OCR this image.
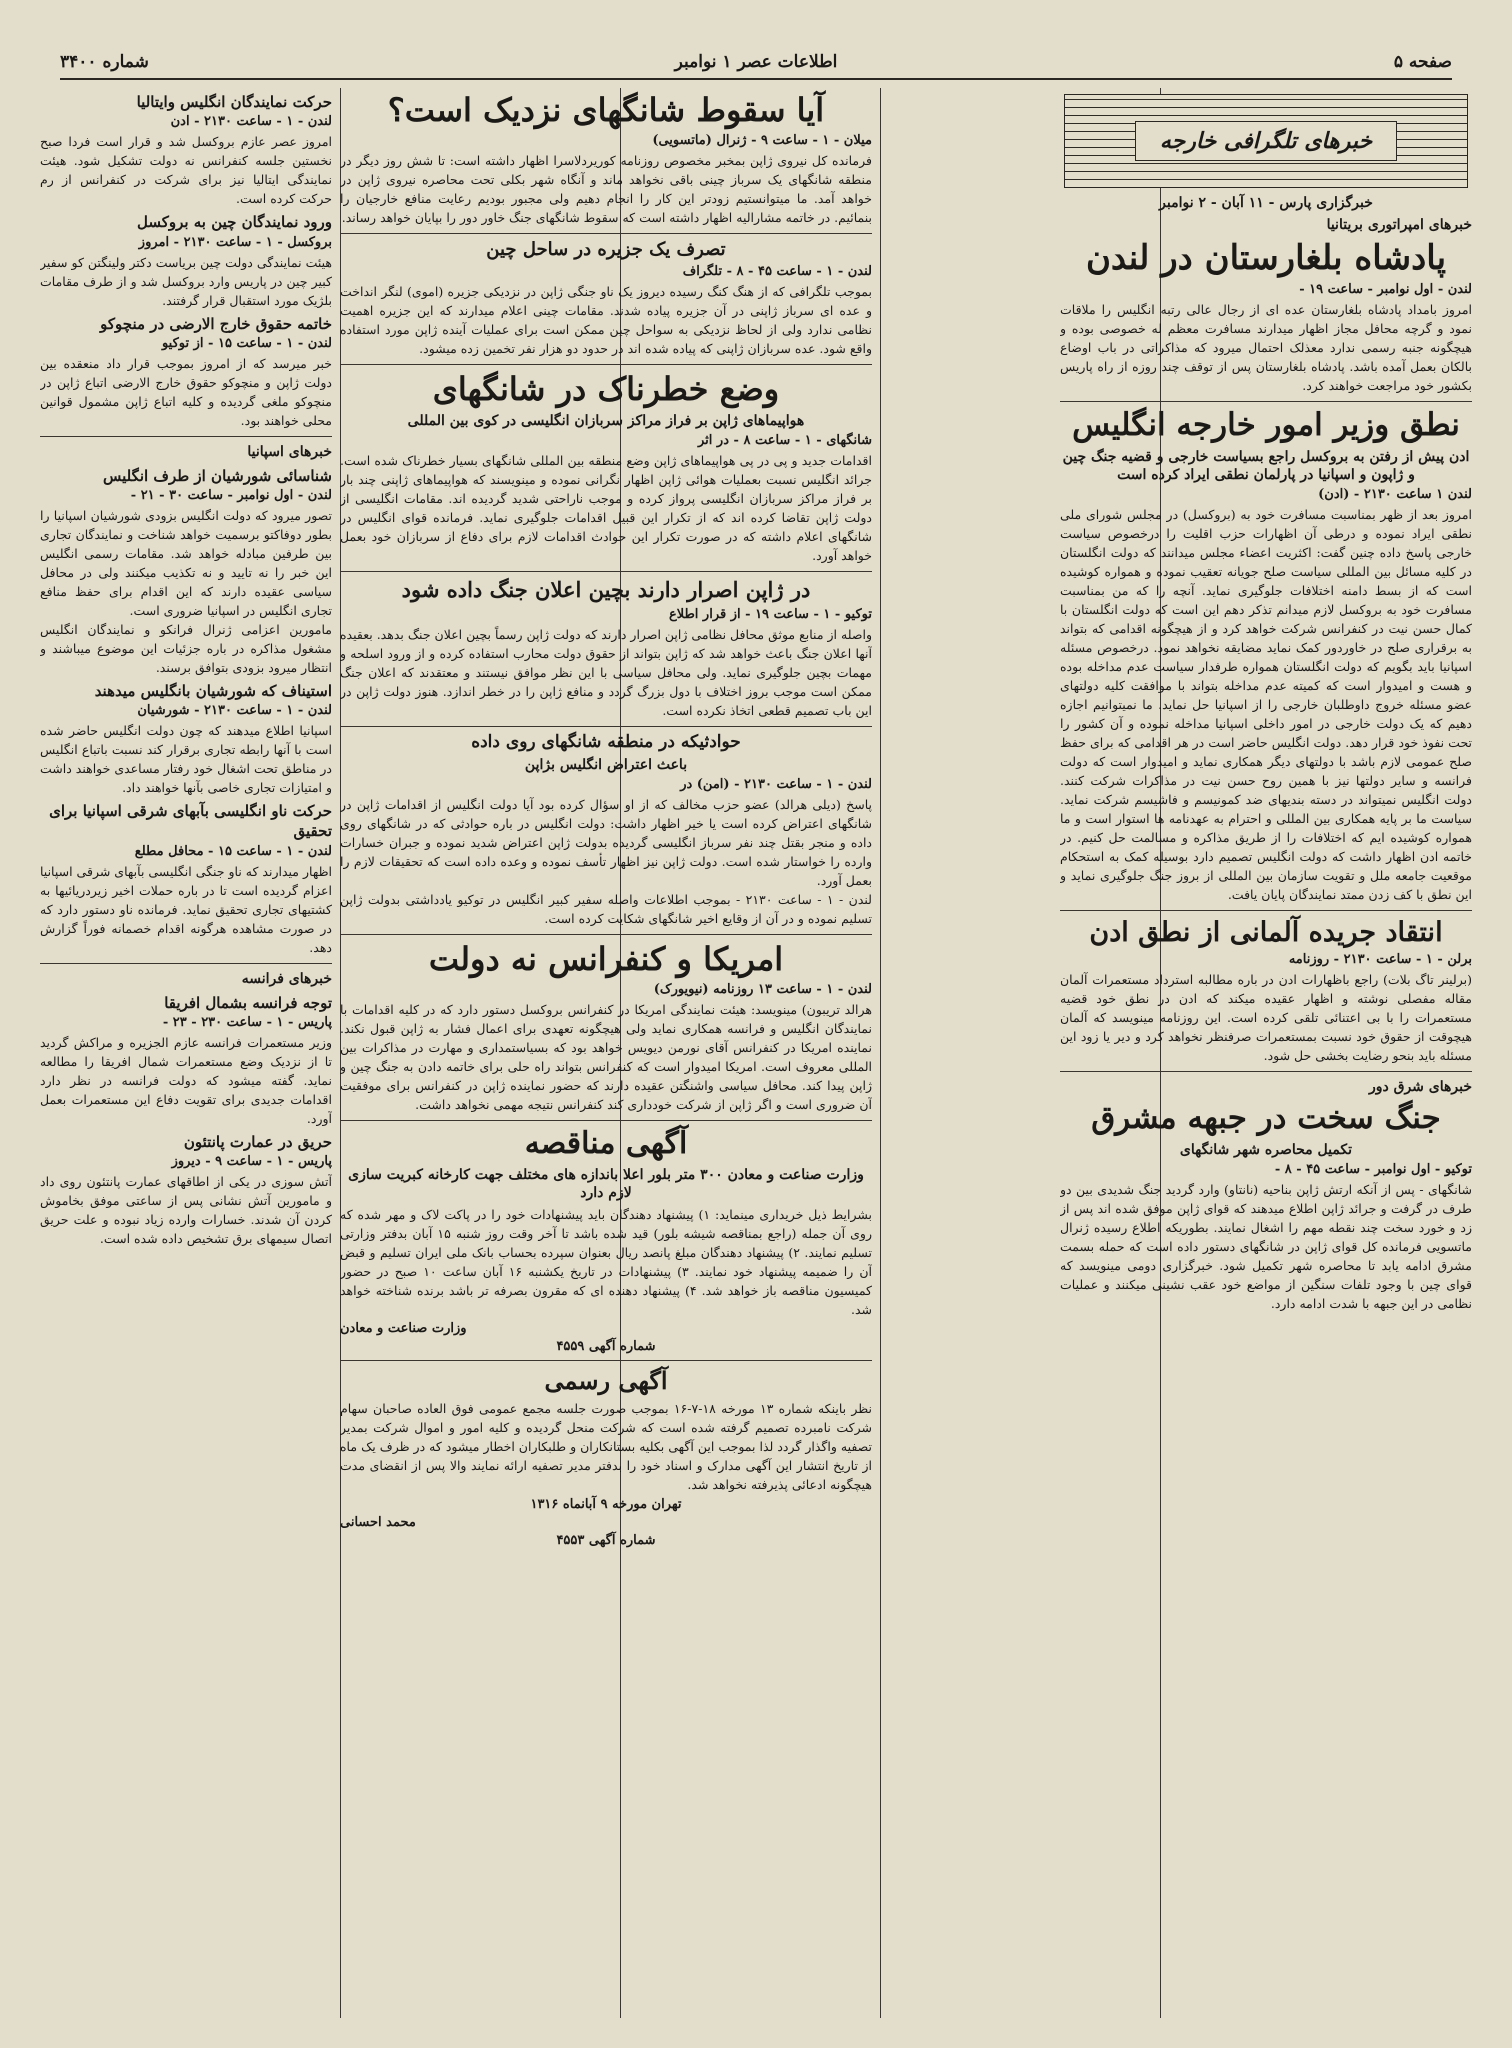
صفحه ۵
اطلاعات عصر ۱ نوامبر
شماره ۳۴۰۰
خبرهای تلگرافی خارجه
خبرگزاری پارس - ۱۱ آبان - ۲ نوامبر
خبرهای امپراتوری بریتانیا
پادشاه بلغارستان در لندن
لندن - اول نوامبر - ساعت ۱۹ -

امروز بامداد پادشاه بلغارستان عده ای از رجال عالی رتبه انگلیس را ملاقات نمود و گرچه محافل مجاز اظهار میدارند مسافرت معظم له خصوصی بوده و هیچگونه جنبه رسمی ندارد معذلک احتمال میرود که مذاکراتی در باب اوضاع بالکان بعمل آمده باشد. پادشاه بلغارستان پس از توقف چند روزه از راه پاریس بکشور خود مراجعت خواهند کرد.

نطق وزیر امور خارجه انگلیس
ادن پیش از رفتن به بروکسل راجع بسیاست خارجی و قضیه جنگ چین و ژاپون و اسپانیا در پارلمان نطقی ایراد کرده است
لندن ۱ ساعت ۲۱۳۰ - (ادن)

امروز بعد از ظهر بمناسبت مسافرت خود به (بروکسل) در مجلس شورای ملی نطقی ایراد نموده و درطی آن اظهارات حزب اقلیت را درخصوص سیاست خارجی پاسخ داده چنین گفت: اکثریت اعضاء مجلس میدانند که دولت انگلستان در کلیه مسائل بین المللی سیاست صلح جویانه تعقیب نموده و همواره کوشیده است که از بسط دامنه اختلافات جلوگیری نماید. آنچه را که من بمناسبت مسافرت خود به بروکسل لازم میدانم تذکر دهم این است که دولت انگلستان با کمال حسن نیت در کنفرانس شرکت خواهد کرد و از هیچگونه اقدامی که بتواند به برقراری صلح در خاوردور کمک نماید مضایقه نخواهد نمود. درخصوص مسئله اسپانیا باید بگویم که دولت انگلستان همواره طرفدار سیاست عدم مداخله بوده و هست و امیدوار است که کمیته عدم مداخله بتواند با موافقت کلیه دولتهای عضو مسئله خروج داوطلبان خارجی را از اسپانیا حل نماید. ما نمیتوانیم اجازه دهیم که یک دولت خارجی در امور داخلی اسپانیا مداخله نموده و آن کشور را تحت نفوذ خود قرار دهد. دولت انگلیس حاضر است در هر اقدامی که برای حفظ صلح عمومی لازم باشد با دولتهای دیگر همکاری نماید و امیدوار است که دولت فرانسه و سایر دولتها نیز با همین روح حسن نیت در مذاکرات شرکت کنند. دولت انگلیس نمیتواند در دسته بندیهای ضد کمونیسم و فاشیسم شرکت نماید. سیاست ما بر پایه همکاری بین المللی و احترام به عهدنامه ها استوار است و ما همواره کوشیده ایم که اختلافات را از طریق مذاکره و مسالمت حل کنیم. در خاتمه ادن اظهار داشت که دولت انگلیس تصمیم دارد بوسیله کمک به استحکام موقعیت جامعه ملل و تقویت سازمان بین المللی از بروز جنگ جلوگیری نماید و این نطق با کف زدن ممتد نمایندگان پایان یافت.

انتقاد جریده آلمانی از نطق ادن
برلن - ۱ - ساعت ۲۱۳۰ - روزنامه

(برلینر تاگ بلات) راجع باظهارات ادن در باره مطالبه استرداد مستعمرات آلمان مقاله مفصلی نوشته و اظهار عقیده میکند که ادن در نطق خود قضیه مستعمرات را با بی اعتنائی تلقی کرده است. این روزنامه مینویسد که آلمان هیچوقت از حقوق خود نسبت بمستعمرات صرفنظر نخواهد کرد و دیر یا زود این مسئله باید بنحو رضایت بخشی حل شود.

خبرهای شرق دور
جنگ سخت در جبهه مشرق
تکمیل محاصره شهر شانگهای
توکیو - اول نوامبر - ساعت ۴۵ - ۸ -

شانگهای - پس از آنکه ارتش ژاپن بناحیه (نانتاو) وارد گردید جنگ شدیدی بین دو طرف در گرفت و جرائد ژاپن اطلاع میدهند که قوای ژاپن موفق شده اند پس از زد و خورد سخت چند نقطه مهم را اشغال نمایند. بطوریکه اطلاع رسیده ژنرال ماتسویی فرمانده کل قوای ژاپن در شانگهای دستور داده است که حمله بسمت مشرق ادامه یابد تا محاصره شهر تکمیل شود. خبرگزاری دومی مینویسد که قوای چین با وجود تلفات سنگین از مواضع خود عقب نشینی میکنند و عملیات نظامی در این جبهه با شدت ادامه دارد.

آیا سقوط شانگهای نزدیک است؟
میلان - ۱ - ساعت ۹ - ژنرال (ماتسویی)

فرمانده کل نیروی ژاپن بمخبر مخصوص روزنامه کوریردلاسرا اظهار داشته است: تا شش روز دیگر در منطقه شانگهای یک سرباز چینی باقی نخواهد ماند و آنگاه شهر بکلی تحت محاصره نیروی ژاپن در خواهد آمد. ما میتوانستیم زودتر این کار را انجام دهیم ولی مجبور بودیم رعایت منافع خارجیان را بنمائیم. در خاتمه مشارالیه اظهار داشته است که سقوط شانگهای جنگ خاور دور را بپایان خواهد رساند.

تصرف یک جزیره در ساحل چین
لندن - ۱ - ساعت ۴۵ - ۸ - تلگراف

بموجب تلگرافی که از هنگ کنگ رسیده دیروز یک ناو جنگی ژاپن در نزدیکی جزیره (اموی) لنگر انداخت و عده ای سرباز ژاپنی در آن جزیره پیاده شدند. مقامات چینی اعلام میدارند که این جزیره اهمیت نظامی ندارد ولی از لحاظ نزدیکی به سواحل چین ممکن است برای عملیات آینده ژاپن مورد استفاده واقع شود. عده سربازان ژاپنی که پیاده شده اند در حدود دو هزار نفر تخمین زده میشود.

وضع خطرناک در شانگهای
هواپیماهای ژاپن بر فراز مراکز سربازان انگلیسی در کوی بین المللی
شانگهای - ۱ - ساعت ۸ - در اثر

اقدامات جدید و پی در پی هواپیماهای ژاپن وضع منطقه بین المللی شانگهای بسیار خطرناک شده است. جرائد انگلیس نسبت بعملیات هوائی ژاپن اظهار نگرانی نموده و مینویسند که هواپیماهای ژاپنی چند بار بر فراز مراکز سربازان انگلیسی پرواز کرده و موجب ناراحتی شدید گردیده اند. مقامات انگلیسی از دولت ژاپن تقاضا کرده اند که از تکرار این قبیل اقدامات جلوگیری نماید. فرمانده قوای انگلیس در شانگهای اعلام داشته که در صورت تکرار این حوادث اقدامات لازم برای دفاع از سربازان خود بعمل خواهد آورد.

در ژاپن اصرار دارند بچین اعلان جنگ داده شود
توکیو - ۱ - ساعت ۱۹ - از قرار اطلاع

واصله از منابع موثق محافل نظامی ژاپن اصرار دارند که دولت ژاپن رسماً بچین اعلان جنگ بدهد. بعقیده آنها اعلان جنگ باعث خواهد شد که ژاپن بتواند از حقوق دولت محارب استفاده کرده و از ورود اسلحه و مهمات بچین جلوگیری نماید. ولی محافل سیاسی با این نظر موافق نیستند و معتقدند که اعلان جنگ ممکن است موجب بروز اختلاف با دول بزرگ گردد و منافع ژاپن را در خطر اندازد. هنوز دولت ژاپن در این باب تصمیم قطعی اتخاذ نکرده است.

حوادثیکه در منطقه شانگهای روی داده
باعث اعتراض انگلیس بژاپن
لندن - ۱ - ساعت ۲۱۳۰ - (امن) در

پاسخ (دیلی هرالد) عضو حزب مخالف که از او سؤال کرده بود آیا دولت انگلیس از اقدامات ژاپن در شانگهای اعتراض کرده است یا خیر اظهار داشت: دولت انگلیس در باره حوادثی که در شانگهای روی داده و منجر بقتل چند نفر سرباز انگلیسی گردیده بدولت ژاپن اعتراض شدید نموده و جبران خسارات وارده را خواستار شده است. دولت ژاپن نیز اظهار تأسف نموده و وعده داده است که تحقیقات لازم را بعمل آورد.

لندن - ۱ - ساعت ۲۱۳۰ - بموجب اطلاعات واصله سفیر کبیر انگلیس در توکیو یادداشتی بدولت ژاپن تسلیم نموده و در آن از وقایع اخیر شانگهای شکایت کرده است.

امریکا و کنفرانس نه دولت
لندن - ۱ - ساعت ۱۳ روزنامه (نیویورک)

هرالد تریبون) مینویسد: هیئت نمایندگی امریکا در کنفرانس بروکسل دستور دارد که در کلیه اقدامات با نمایندگان انگلیس و فرانسه همکاری نماید ولی هیچگونه تعهدی برای اعمال فشار به ژاپن قبول نکند. نماینده امریکا در کنفرانس آقای نورمن دیویس خواهد بود که بسیاستمداری و مهارت در مذاکرات بین المللی معروف است. امریکا امیدوار است که کنفرانس بتواند راه حلی برای خاتمه دادن به جنگ چین و ژاپن پیدا کند. محافل سیاسی واشنگتن عقیده دارند که حضور نماینده ژاپن در کنفرانس برای موفقیت آن ضروری است و اگر ژاپن از شرکت خودداری کند کنفرانس نتیجه مهمی نخواهد داشت.

آگهی مناقصه
وزارت صناعت و معادن ۳۰۰ متر بلور اعلا باندازه های مختلف جهت کارخانه کبریت سازی لازم دارد

بشرایط ذیل خریداری مینماید: ۱) پیشنهاد دهندگان باید پیشنهادات خود را در پاکت لاک و مهر شده که روی آن جمله (راجع بمناقصه شیشه بلور) قید شده باشد تا آخر وقت روز شنبه ۱۵ آبان بدفتر وزارتی تسلیم نمایند. ۲) پیشنهاد دهندگان مبلغ پانصد ریال بعنوان سپرده بحساب بانک ملی ایران تسلیم و قبض آن را ضمیمه پیشنهاد خود نمایند. ۳) پیشنهادات در تاریخ یکشنبه ۱۶ آبان ساعت ۱۰ صبح در حضور کمیسیون مناقصه باز خواهد شد. ۴) پیشنهاد دهنده ای که مقرون بصرفه تر باشد برنده شناخته خواهد شد.

وزارت صناعت و معادن
شماره آگهی ۴۵۵۹
آگهی رسمی

نظر باینکه شماره ۱۳ مورخه ۱۸-۷-۱۶ بموجب صورت جلسه مجمع عمومی فوق العاده صاحبان سهام شرکت نامبرده تصمیم گرفته شده است که شرکت منحل گردیده و کلیه امور و اموال شرکت بمدیر تصفیه واگذار گردد لذا بموجب این آگهی بکلیه بستانکاران و طلبکاران اخطار میشود که در ظرف یک ماه از تاریخ انتشار این آگهی مدارک و اسناد خود را بدفتر مدیر تصفیه ارائه نمایند والا پس از انقضای مدت هیچگونه ادعائی پذیرفته نخواهد شد.

تهران مورخه ۹ آبانماه ۱۳۱۶
محمد احسانی
شماره آگهی ۴۵۵۳
حرکت نمایندگان انگلیس وایتالیا
لندن - ۱ - ساعت ۲۱۳۰ - ادن

امروز عصر عازم بروکسل شد و قرار است فردا صبح نخستین جلسه کنفرانس نه دولت تشکیل شود. هیئت نمایندگی ایتالیا نیز برای شرکت در کنفرانس از رم حرکت کرده است.

ورود نمایندگان چین به بروکسل
بروکسل - ۱ - ساعت ۲۱۳۰ - امروز

هیئت نمایندگی دولت چین بریاست دکتر ولینگتن کو سفیر کبیر چین در پاریس وارد بروکسل شد و از طرف مقامات بلژیک مورد استقبال قرار گرفتند.

خاتمه حقوق خارج الارضی در منچوکو
لندن - ۱ - ساعت ۱۵ - از توکیو

خبر میرسد که از امروز بموجب قرار داد منعقده بین دولت ژاپن و منچوکو حقوق خارج الارضی اتباع ژاپن در منچوکو ملغی گردیده و کلیه اتباع ژاپن مشمول قوانین محلی خواهند بود.

خبرهای اسپانیا
شناسائی شورشیان از طرف انگلیس
لندن - اول نوامبر - ساعت ۳۰ - ۲۱ -

تصور میرود که دولت انگلیس بزودی شورشیان اسپانیا را بطور دوفاکتو برسمیت خواهد شناخت و نمایندگان تجاری بین طرفین مبادله خواهد شد. مقامات رسمی انگلیس این خبر را نه تایید و نه تکذیب میکنند ولی در محافل سیاسی عقیده دارند که این اقدام برای حفظ منافع تجاری انگلیس در اسپانیا ضروری است.

مامورین اعزامی ژنرال فرانکو و نمایندگان انگلیس مشغول مذاکره در باره جزئیات این موضوع میباشند و انتظار میرود بزودی بتوافق برسند.

استیناف که شورشیان بانگلیس میدهند
لندن - ۱ - ساعت ۲۱۳۰ - شورشیان

اسپانیا اطلاع میدهند که چون دولت انگلیس حاضر شده است با آنها رابطه تجاری برقرار کند نسبت باتباع انگلیس در مناطق تحت اشغال خود رفتار مساعدی خواهند داشت و امتیازات تجاری خاصی بآنها خواهند داد.

حرکت ناو انگلیسی بآبهای شرقی اسپانیا برای تحقیق
لندن - ۱ - ساعت ۱۵ - محافل مطلع

اظهار میدارند که ناو جنگی انگلیسی بآبهای شرقی اسپانیا اعزام گردیده است تا در باره حملات اخیر زیردریائیها به کشتیهای تجاری تحقیق نماید. فرمانده ناو دستور دارد که در صورت مشاهده هرگونه اقدام خصمانه فوراً گزارش دهد.

خبرهای فرانسه
توجه فرانسه بشمال افریقا
پاریس - ۱ - ساعت ۲۳۰ - ۲۳ -

وزیر مستعمرات فرانسه عازم الجزیره و مراکش گردید تا از نزدیک وضع مستعمرات شمال افریقا را مطالعه نماید. گفته میشود که دولت فرانسه در نظر دارد اقدامات جدیدی برای تقویت دفاع این مستعمرات بعمل آورد.

حریق در عمارت پانتئون
پاریس - ۱ - ساعت ۹ - دیروز

آتش سوزی در یکی از اطاقهای عمارت پانتئون روی داد و مامورین آتش نشانی پس از ساعتی موفق بخاموش کردن آن شدند. خسارات وارده زیاد نبوده و علت حریق اتصال سیمهای برق تشخیص داده شده است.
